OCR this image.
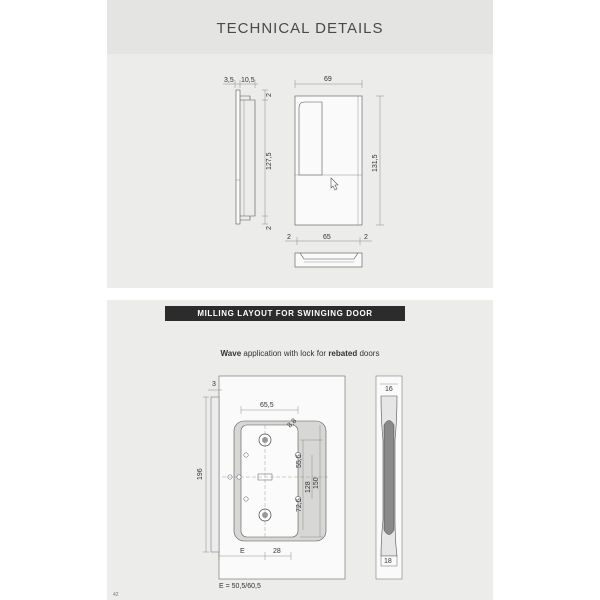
TECHNICAL DETAILS
MILLING LAYOUT FOR SWINGING DOOR
Wave application with lock for rebated doors
3,5 10,5
2
127,5
2
69
131,5
2	65	2
3
196
65,5
8,8
55,5
128 150
72,5
E	28
16
18
E = 50,5/60,5
42
